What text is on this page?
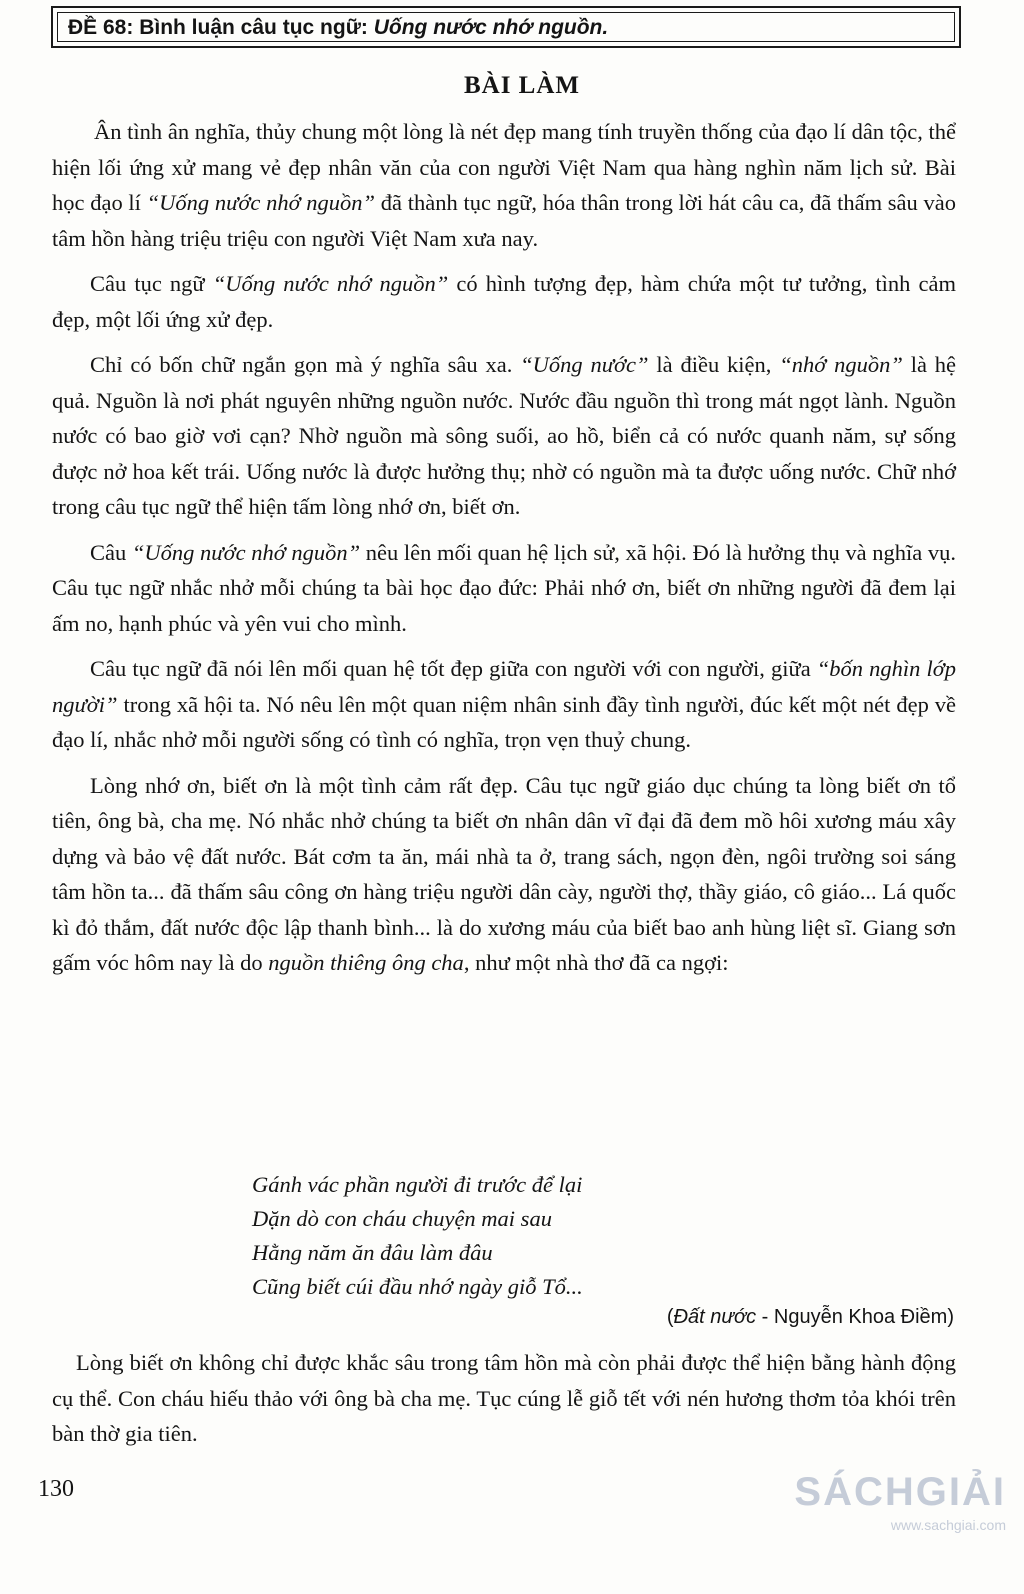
ĐỀ 68: Bình luận câu tục ngữ: Uống nước nhớ nguồn.
BÀI LÀM

Ân tình ân nghĩa, thủy chung một lòng là nét đẹp mang tính truyền thống của đạo lí dân tộc, thể hiện lối ứng xử mang vẻ đẹp nhân văn của con người Việt Nam qua hàng nghìn năm lịch sử. Bài học đạo lí “Uống nước nhớ nguồn” đã thành tục ngữ, hóa thân trong lời hát câu ca, đã thấm sâu vào tâm hồn hàng triệu triệu con người Việt Nam xưa nay.

Câu tục ngữ “Uống nước nhớ nguồn” có hình tượng đẹp, hàm chứa một tư tưởng, tình cảm đẹp, một lối ứng xử đẹp.

Chỉ có bốn chữ ngắn gọn mà ý nghĩa sâu xa. “Uống nước” là điều kiện, “nhớ nguồn” là hệ quả. Nguồn là nơi phát nguyên những nguồn nước. Nước đầu nguồn thì trong mát ngọt lành. Nguồn nước có bao giờ vơi cạn? Nhờ nguồn mà sông suối, ao hồ, biển cả có nước quanh năm, sự sống được nở hoa kết trái. Uống nước là được hưởng thụ; nhờ có nguồn mà ta được uống nước. Chữ nhớ trong câu tục ngữ thể hiện tấm lòng nhớ ơn, biết ơn.

Câu “Uống nước nhớ nguồn” nêu lên mối quan hệ lịch sử, xã hội. Đó là hưởng thụ và nghĩa vụ. Câu tục ngữ nhắc nhở mỗi chúng ta bài học đạo đức: Phải nhớ ơn, biết ơn những người đã đem lại ấm no, hạnh phúc và yên vui cho mình.

Câu tục ngữ đã nói lên mối quan hệ tốt đẹp giữa con người với con người, giữa “bốn nghìn lớp người” trong xã hội ta. Nó nêu lên một quan niệm nhân sinh đầy tình người, đúc kết một nét đẹp về đạo lí, nhắc nhở mỗi người sống có tình có nghĩa, trọn vẹn thuỷ chung.

Lòng nhớ ơn, biết ơn là một tình cảm rất đẹp. Câu tục ngữ giáo dục chúng ta lòng biết ơn tổ tiên, ông bà, cha mẹ. Nó nhắc nhở chúng ta biết ơn nhân dân vĩ đại đã đem mồ hôi xương máu xây dựng và bảo vệ đất nước. Bát cơm ta ăn, mái nhà ta ở, trang sách, ngọn đèn, ngôi trường soi sáng tâm hồn ta... đã thấm sâu công ơn hàng triệu người dân cày, người thợ, thầy giáo, cô giáo... Lá quốc kì đỏ thắm, đất nước độc lập thanh bình... là do xương máu của biết bao anh hùng liệt sĩ. Giang sơn gấm vóc hôm nay là do nguồn thiêng ông cha, như một nhà thơ đã ca ngợi:

Gánh vác phần người đi trước để lại
Dặn dò con cháu chuyện mai sau
Hằng năm ăn đâu làm đâu
Cũng biết cúi đầu nhớ ngày giỗ Tổ...
(Đất nước - Nguyễn Khoa Điềm)

Lòng biết ơn không chỉ được khắc sâu trong tâm hồn mà còn phải được thể hiện bằng hành động cụ thể. Con cháu hiếu thảo với ông bà cha mẹ. Tục cúng lễ giỗ tết với nén hương thơm tỏa khói trên bàn thờ gia tiên.

130	SÁCHGIẢI
www.sachgiai.com
